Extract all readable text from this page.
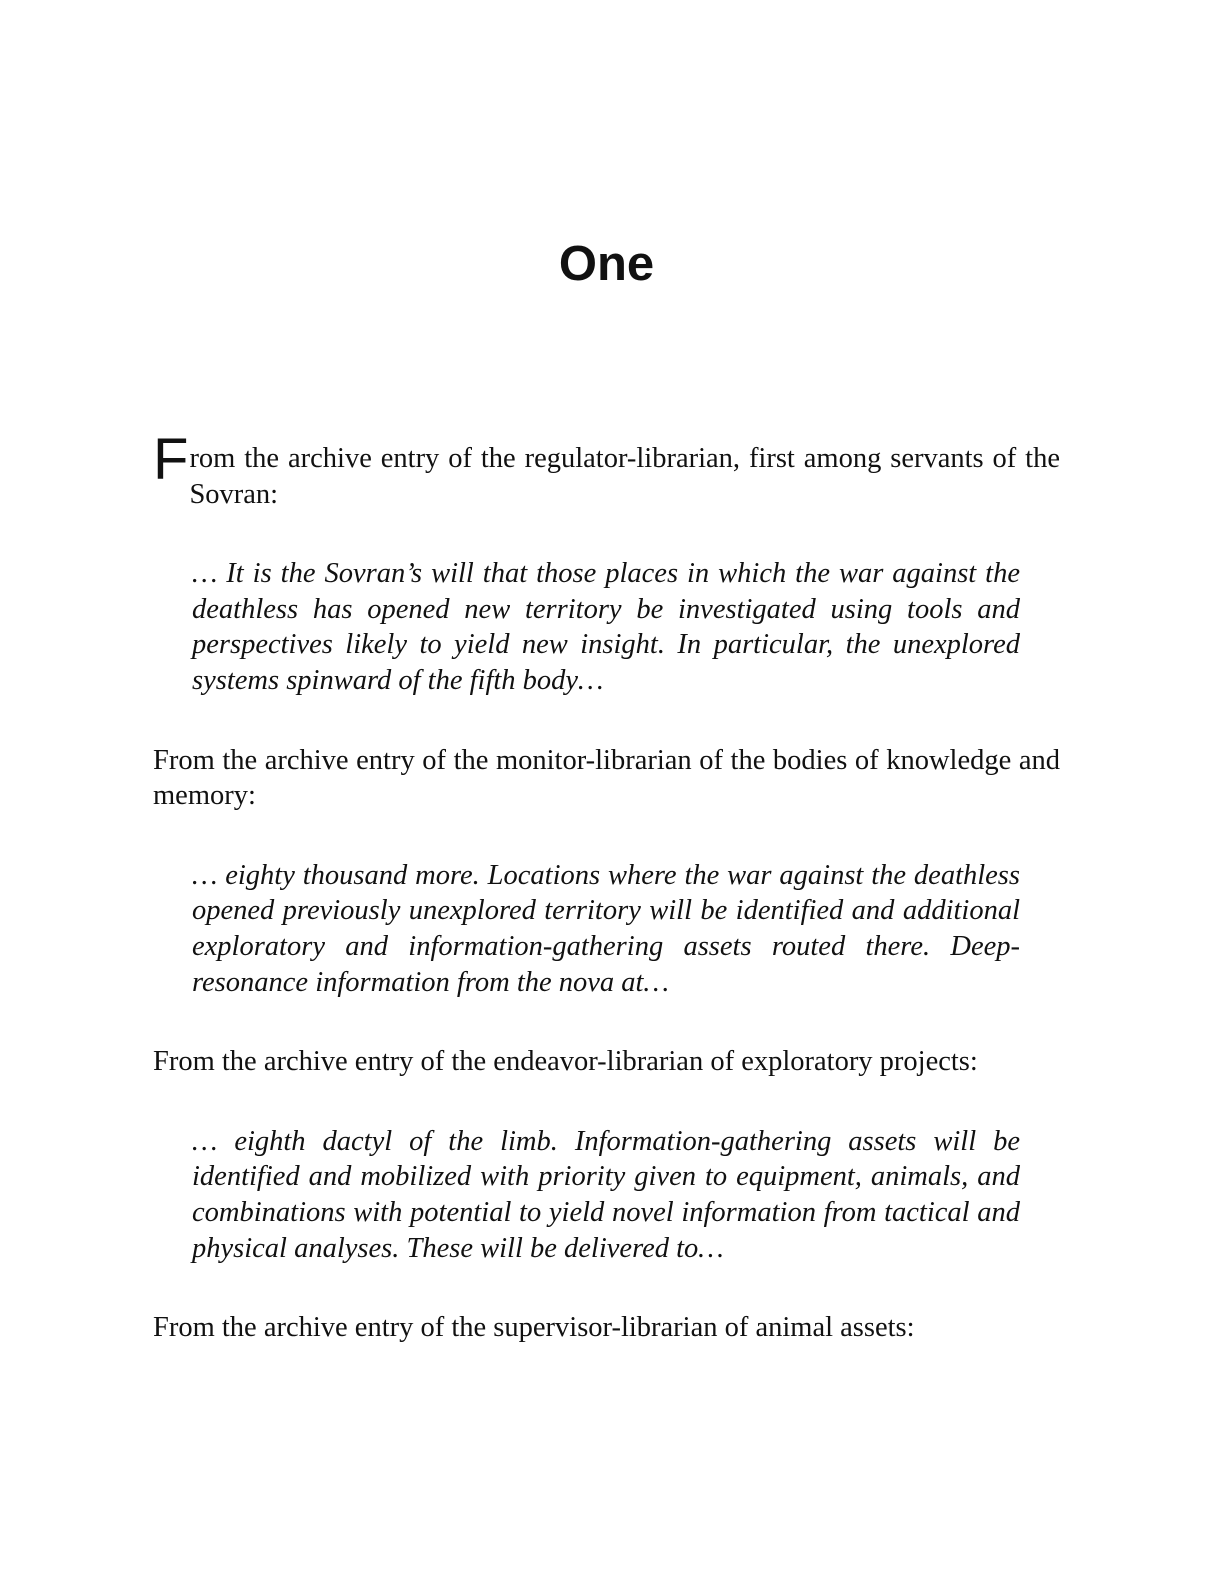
One

From the archive entry of the regulator-librarian, first among servants of the Sovran:

… It is the Sovran’s will that those places in which the war against the deathless has opened new territory be investigated using tools and perspectives likely to yield new insight. In particular, the unexplored systems spinward of the fifth body…

From the archive entry of the monitor-librarian of the bodies of knowledge and memory:

… eighty thousand more. Locations where the war against the deathless opened previously unexplored territory will be identified and additional exploratory and information-gathering assets routed there. Deep-resonance information from the nova at…

From the archive entry of the endeavor-librarian of exploratory projects:

… eighth dactyl of the limb. Information-gathering assets will be identified and mobilized with priority given to equipment, animals, and combinations with potential to yield novel information from tactical and physical analyses. These will be delivered to…

From the archive entry of the supervisor-librarian of animal assets:
